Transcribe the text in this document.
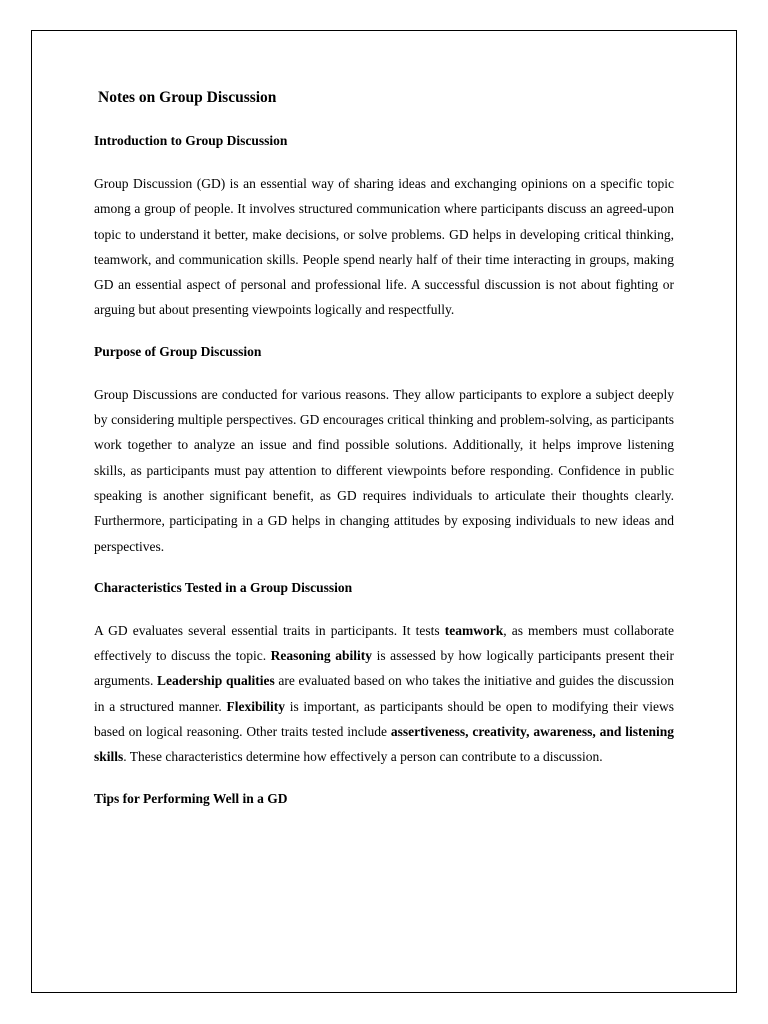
Notes on Group Discussion
Introduction to Group Discussion

Group Discussion (GD) is an essential way of sharing ideas and exchanging opinions on a specific topic among a group of people. It involves structured communication where participants discuss an agreed-upon topic to understand it better, make decisions, or solve problems. GD helps in developing critical thinking, teamwork, and communication skills. People spend nearly half of their time interacting in groups, making GD an essential aspect of personal and professional life. A successful discussion is not about fighting or arguing but about presenting viewpoints logically and respectfully.

Purpose of Group Discussion

Group Discussions are conducted for various reasons. They allow participants to explore a subject deeply by considering multiple perspectives. GD encourages critical thinking and problem-solving, as participants work together to analyze an issue and find possible solutions. Additionally, it helps improve listening skills, as participants must pay attention to different viewpoints before responding. Confidence in public speaking is another significant benefit, as GD requires individuals to articulate their thoughts clearly. Furthermore, participating in a GD helps in changing attitudes by exposing individuals to new ideas and perspectives.

Characteristics Tested in a Group Discussion

A GD evaluates several essential traits in participants. It tests teamwork, as members must collaborate effectively to discuss the topic. Reasoning ability is assessed by how logically participants present their arguments. Leadership qualities are evaluated based on who takes the initiative and guides the discussion in a structured manner. Flexibility is important, as participants should be open to modifying their views based on logical reasoning. Other traits tested include assertiveness, creativity, awareness, and listening skills. These characteristics determine how effectively a person can contribute to a discussion.

Tips for Performing Well in a GD
